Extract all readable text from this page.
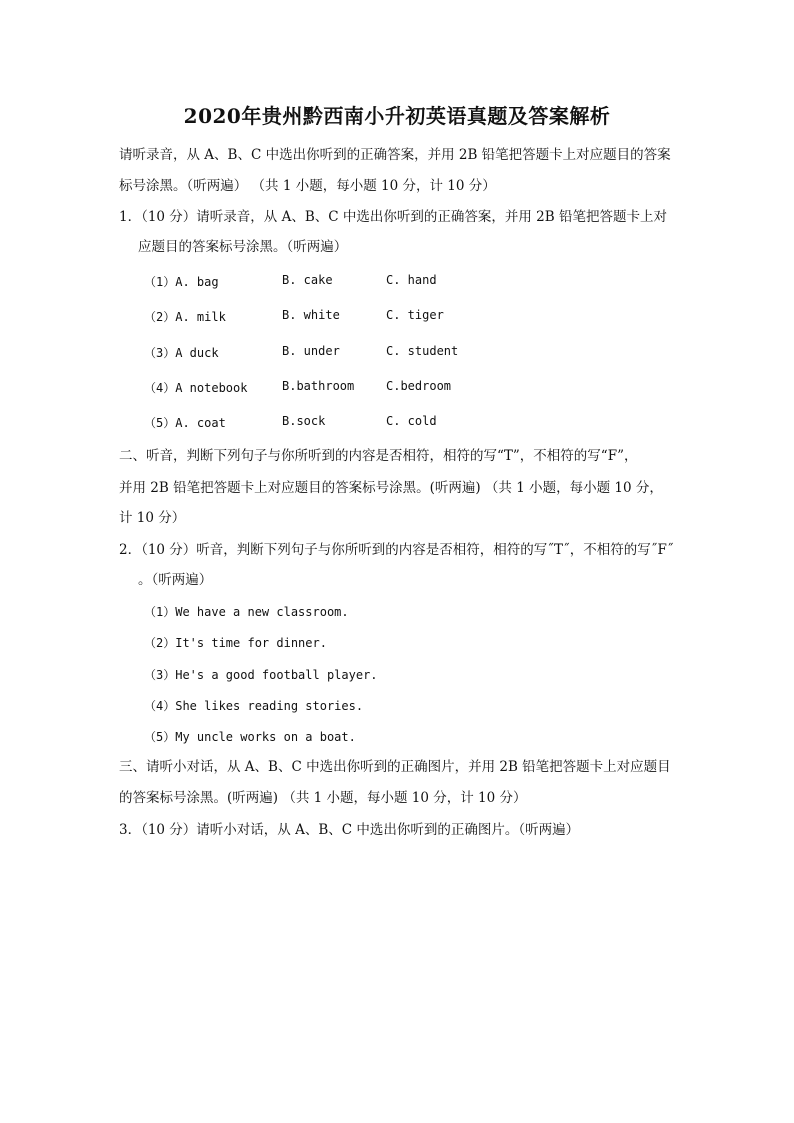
2020年贵州黔西南小升初英语真题及答案解析
请听录音，从 A、B、C 中选出你听到的正确答案，并用 2B 铅笔把答题卡上对应题目的答案
标号涂黑。（听两遍） （共 1 小题，每小题 10 分，计 10 分）
1．（10 分）请听录音，从 A、B、C 中选出你听到的正确答案，并用 2B 铅笔把答题卡上对
应题目的答案标号涂黑。（听两遍）
（1）A. bag	B. cake	C. hand
（2）A. milk	B. white	C. tiger
（3）A duck	B. under	C. student
（4）A notebook	B.bathroom	C.bedroom
（5）A. coat	B.sock	C. cold
二、听音，判断下列句子与你所听到的内容是否相符，相符的写“T”，不相符的写“F”，
并用 2B 铅笔把答题卡上对应题目的答案标号涂黑。(听两遍) （共 1 小题，每小题 10 分，
计 10 分）
2．（10 分）听音，判断下列句子与你所听到的内容是否相符，相符的写˝T˝，不相符的写˝F˝
。（听两遍）
（1）We have a new classroom.
（2）It's time for dinner.
（3）He's a good football player.
（4）She likes reading stories.
（5）My uncle works on a boat.
三、请听小对话，从 A、B、C 中选出你听到的正确图片，并用 2B 铅笔把答题卡上对应题目
的答案标号涂黑。(听两遍) （共 1 小题，每小题 10 分，计 10 分）
3．（10 分）请听小对话，从 A、B、C 中选出你听到的正确图片。（听两遍）
